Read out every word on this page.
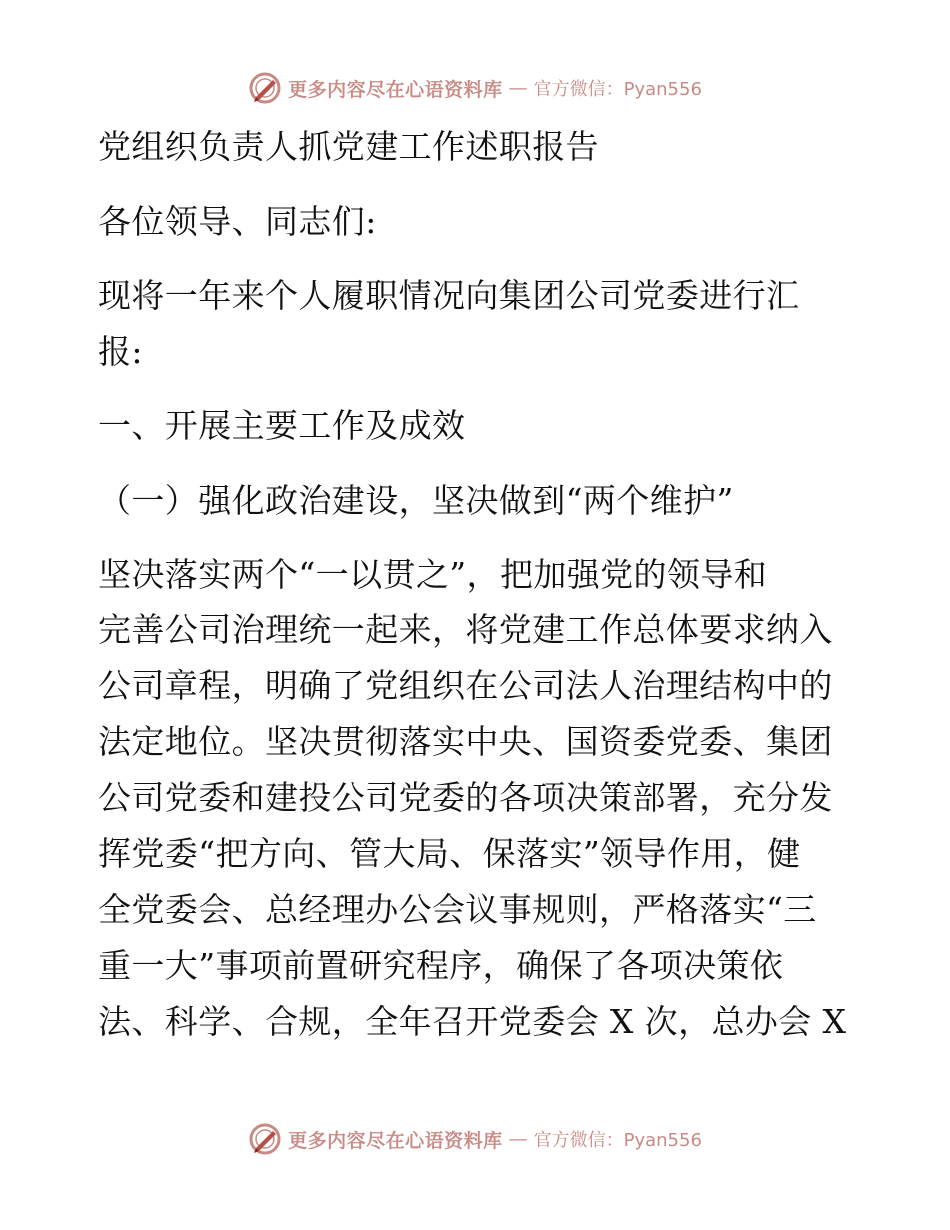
更多内容尽在心语资料库 — 官方微信：Pyan556
党组织负责人抓党建工作述职报告
各位领导、同志们:
现将一年来个人履职情况向集团公司党委进行汇
报:
一、开展主要工作及成效
（一）强化政治建设，坚决做到“两个维护”
坚决落实两个“一以贯之”，把加强党的领导和
完善公司治理统一起来，将党建工作总体要求纳入
公司章程，明确了党组织在公司法人治理结构中的
法定地位。坚决贯彻落实中央、国资委党委、集团
公司党委和建投公司党委的各项决策部署，充分发
挥党委“把方向、管大局、保落实”领导作用，健
全党委会、总经理办公会议事规则，严格落实“三
重一大”事项前置研究程序，确保了各项决策依
法、科学、合规，全年召开党委会 X 次，总办会 X
更多内容尽在心语资料库 — 官方微信：Pyan556
